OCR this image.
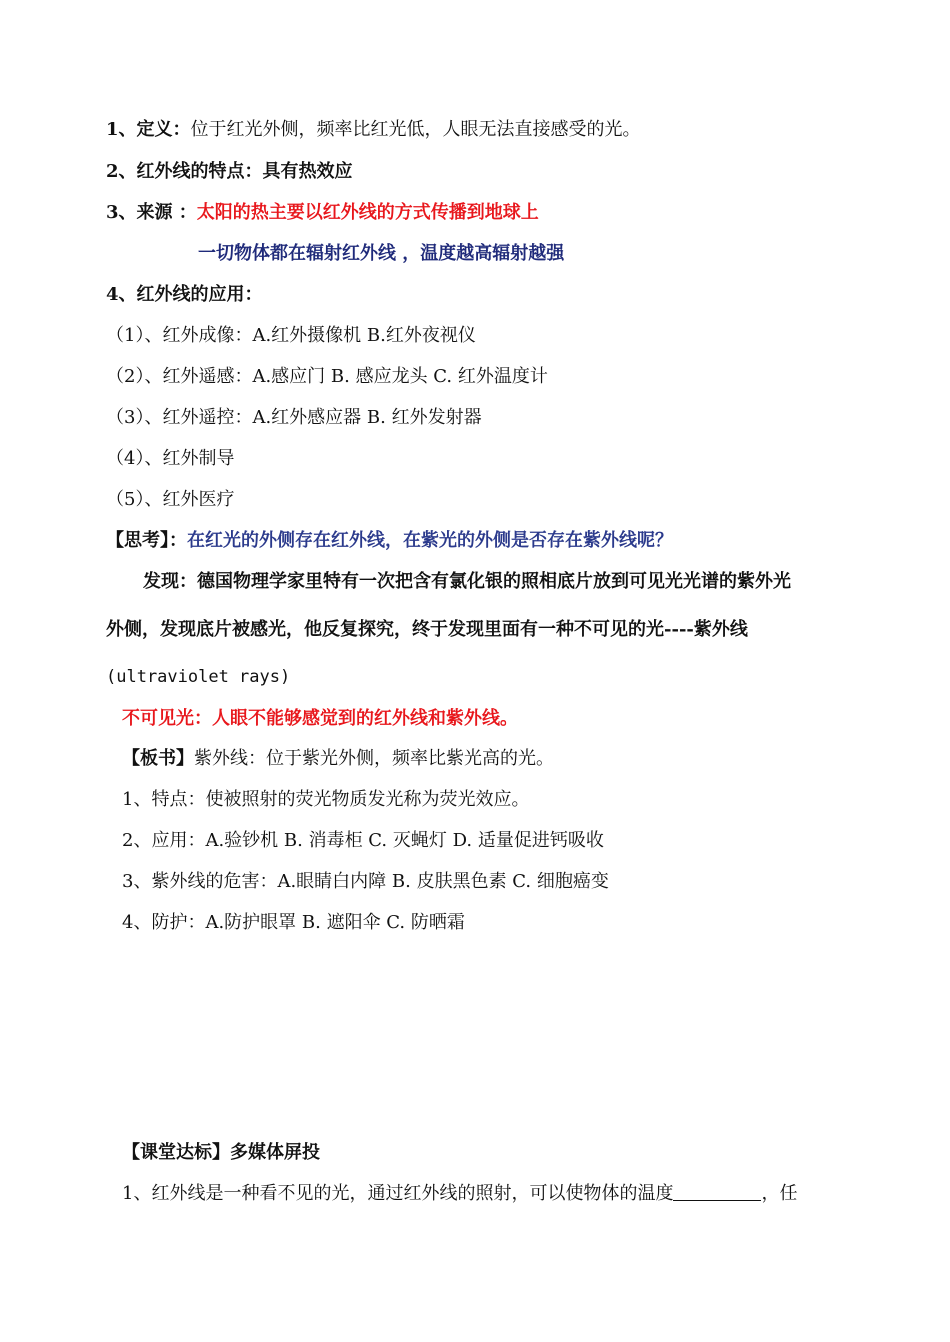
1、定义：位于红光外侧，频率比红光低，人眼无法直接感受的光。
2、红外线的特点：具有热效应
3、来源 ：太阳的热主要以红外线的方式传播到地球上
一切物体都在辐射红外线 ，温度越高辐射越强
4、红外线的应用：
（1）、红外成像：A.红外摄像机 B.红外夜视仪
（2）、红外遥感：A.感应门 B. 感应龙头 C. 红外温度计
（3）、红外遥控：A.红外感应器 B. 红外发射器
（4）、红外制导
（5）、红外医疗
【思考】：在红光的外侧存在红外线，在紫光的外侧是否存在紫外线呢？
发现：德国物理学家里特有一次把含有氯化银的照相底片放到可见光光谱的紫外光
外侧，发现底片被感光，他反复探究，终于发现里面有一种不可见的光----紫外线
(ultraviolet rays)
不可见光：人眼不能够感觉到的红外线和紫外线。
【板书】紫外线：位于紫光外侧，频率比紫光高的光。
1、特点：使被照射的荧光物质发光称为荧光效应。
2、应用：A.验钞机 B. 消毒柜 C. 灭蝇灯 D. 适量促进钙吸收
3、紫外线的危害：A.眼睛白内障 B. 皮肤黑色素 C. 细胞癌变
4、防护：A.防护眼罩 B. 遮阳伞 C. 防晒霜
【课堂达标】多媒体屏投
1、红外线是一种看不见的光，通过红外线的照射，可以使物体的温度	，任
